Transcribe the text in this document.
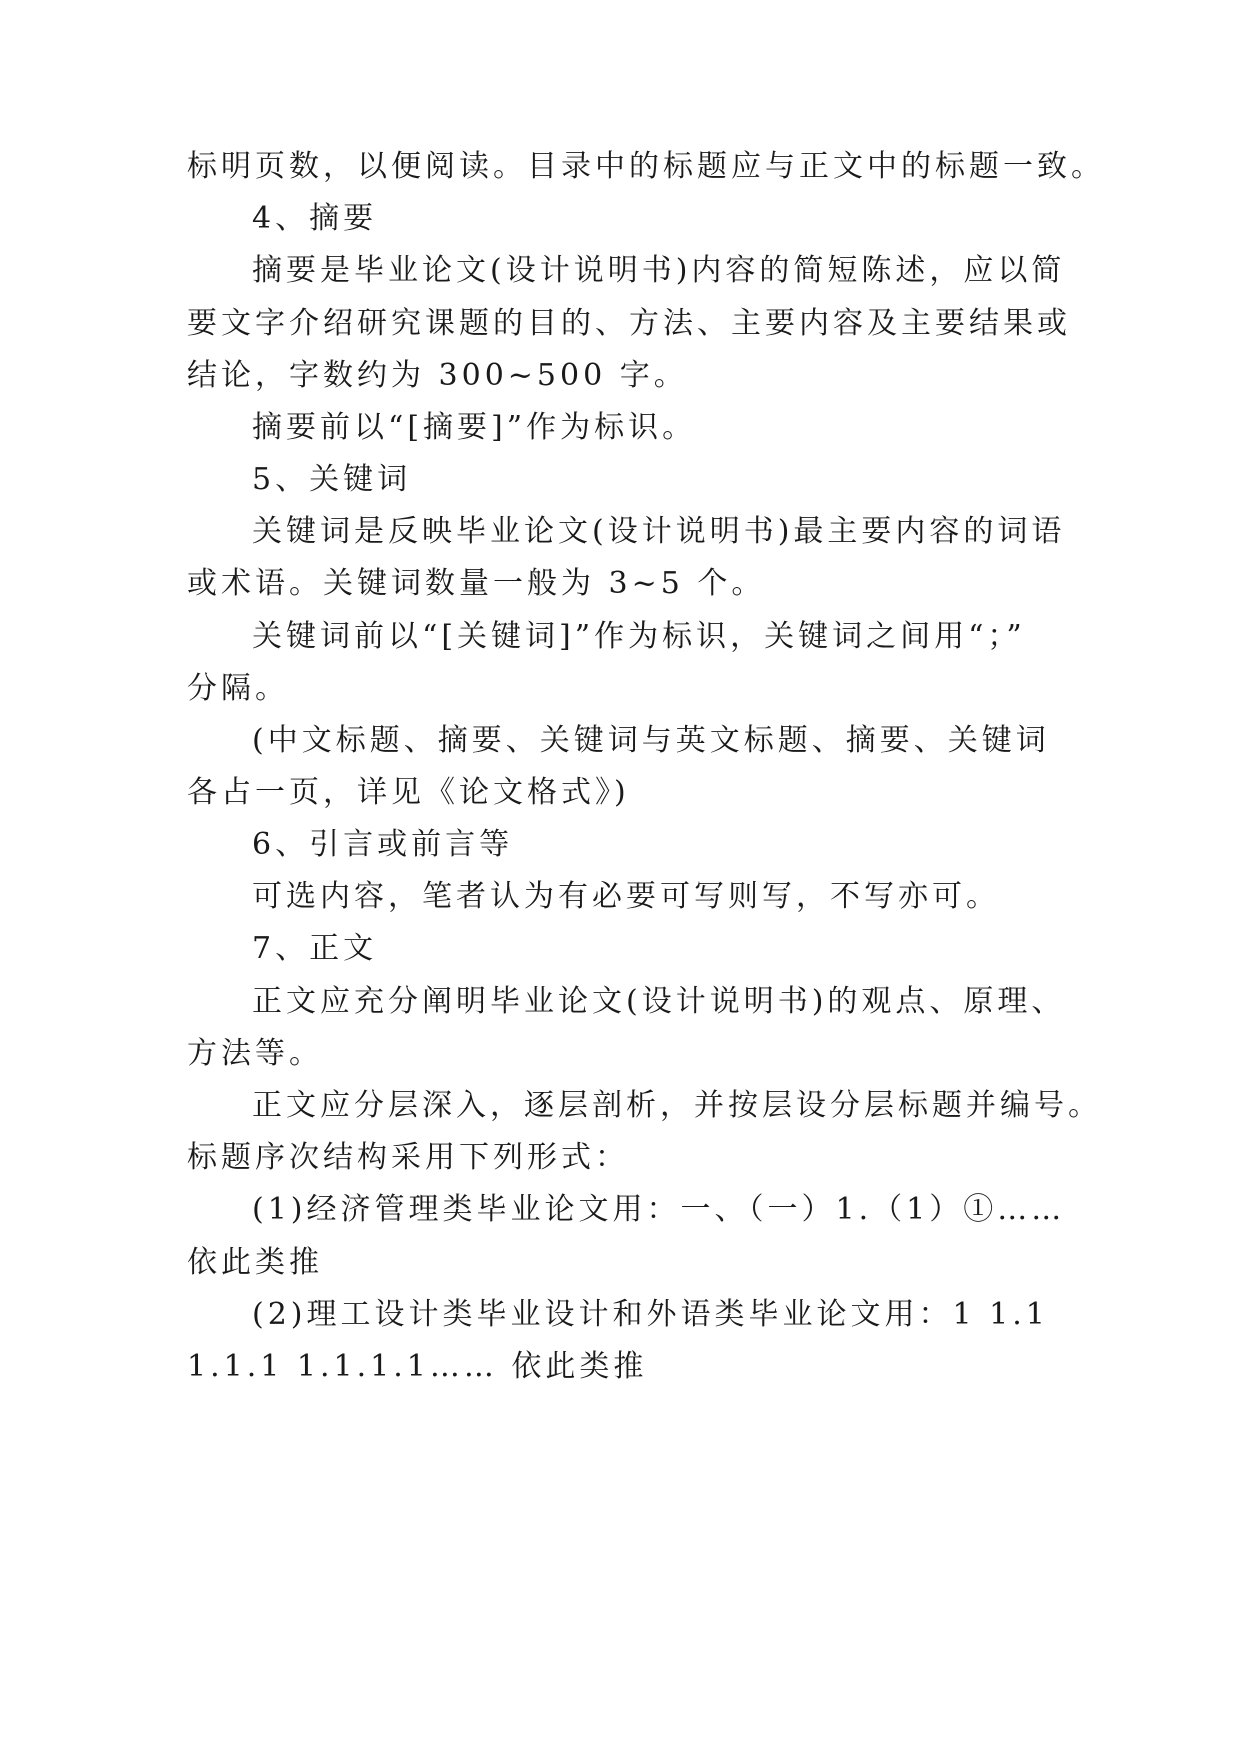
标明页数，以便阅读。目录中的标题应与正文中的标题一致。
4、摘要
摘要是毕业论文(设计说明书)内容的简短陈述，应以简
要文字介绍研究课题的目的、方法、主要内容及主要结果或
结论，字数约为 300~500 字。
摘要前以“[摘要]”作为标识。
5、关键词
关键词是反映毕业论文(设计说明书)最主要内容的词语
或术语。关键词数量一般为 3~5 个。
关键词前以“[关键词]”作为标识，关键词之间用“；”
分隔。
(中文标题、摘要、关键词与英文标题、摘要、关键词
各占一页，详见《论文格式》)
6、引言或前言等
可选内容，笔者认为有必要可写则写，不写亦可。
7、正文
正文应充分阐明毕业论文(设计说明书)的观点、原理、
方法等。
正文应分层深入，逐层剖析，并按层设分层标题并编号。
标题序次结构采用下列形式：
(1)经济管理类毕业论文用：一、（一）1.（1）①……
依此类推
(2)理工设计类毕业设计和外语类毕业论文用：1 1.1
1.1.1 1.1.1.1…… 依此类推
